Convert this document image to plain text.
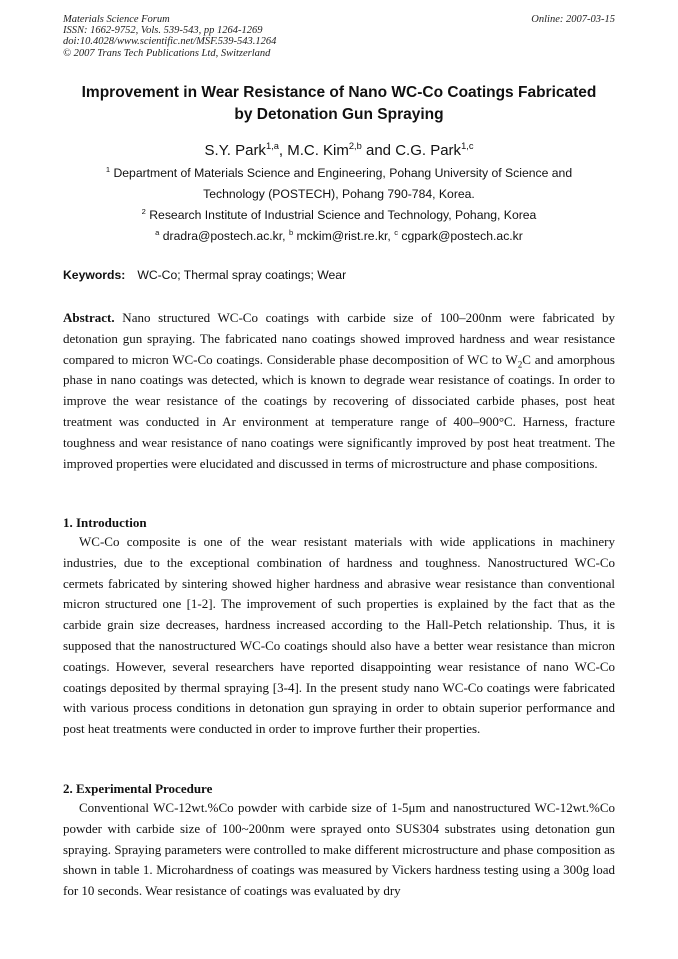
Materials Science Forum
ISSN: 1662-9752, Vols. 539-543, pp 1264-1269
doi:10.4028/www.scientific.net/MSF.539-543.1264
© 2007 Trans Tech Publications Ltd, Switzerland
Online: 2007-03-15
Improvement in Wear Resistance of Nano WC-Co Coatings Fabricated
by Detonation Gun Spraying
S.Y. Park$^{1,a}$, M.C. Kim$^{2,b}$ and C.G. Park$^{1,c}$
$^1$ Department of Materials Science and Engineering, Pohang University of Science and
Technology (POSTECH), Pohang 790-784, Korea.
$^2$ Research Institute of Industrial Science and Technology, Pohang, Korea
$^a$ dradra@postech.ac.kr, $^b$ mckim@rist.re.kr, $^c$ cgpark@postech.ac.kr
Keywords: WC-Co; Thermal spray coatings; Wear
Abstract. Nano structured WC-Co coatings with carbide size of 100–200nm were fabricated by detonation gun spraying. The fabricated nano coatings showed improved hardness and wear resistance compared to micron WC-Co coatings. Considerable phase decomposition of WC to $W_2C$ and amorphous phase in nano coatings was detected, which is known to degrade wear resistance of coatings. In order to improve the wear resistance of the coatings by recovering of dissociated carbide phases, post heat treatment was conducted in Ar environment at temperature range of 400–900°C. Harness, fracture toughness and wear resistance of nano coatings were significantly improved by post heat treatment. The improved properties were elucidated and discussed in terms of microstructure and phase compositions.
1. Introduction
WC-Co composite is one of the wear resistant materials with wide applications in machinery industries, due to the exceptional combination of hardness and toughness. Nanostructured WC-Co cermets fabricated by sintering showed higher hardness and abrasive wear resistance than conventional micron structured one [1-2]. The improvement of such properties is explained by the fact that as the carbide grain size decreases, hardness increased according to the Hall-Petch relationship. Thus, it is supposed that the nanostructured WC-Co coatings should also have a better wear resistance than micron coatings. However, several researchers have reported disappointing wear resistance of nano WC-Co coatings deposited by thermal spraying [3-4]. In the present study nano WC-Co coatings were fabricated with various process conditions in detonation gun spraying in order to obtain superior performance and post heat treatments were conducted in order to improve further their properties.
2. Experimental Procedure
Conventional WC-12wt.%Co powder with carbide size of 1-5μm and nanostructured WC-12wt.%Co powder with carbide size of 100~200nm were sprayed onto SUS304 substrates using detonation gun spraying. Spraying parameters were controlled to make different microstructure and phase composition as shown in table 1. Microhardness of coatings was measured by Vickers hardness testing using a 300g load for 10 seconds. Wear resistance of coatings was evaluated by dry
